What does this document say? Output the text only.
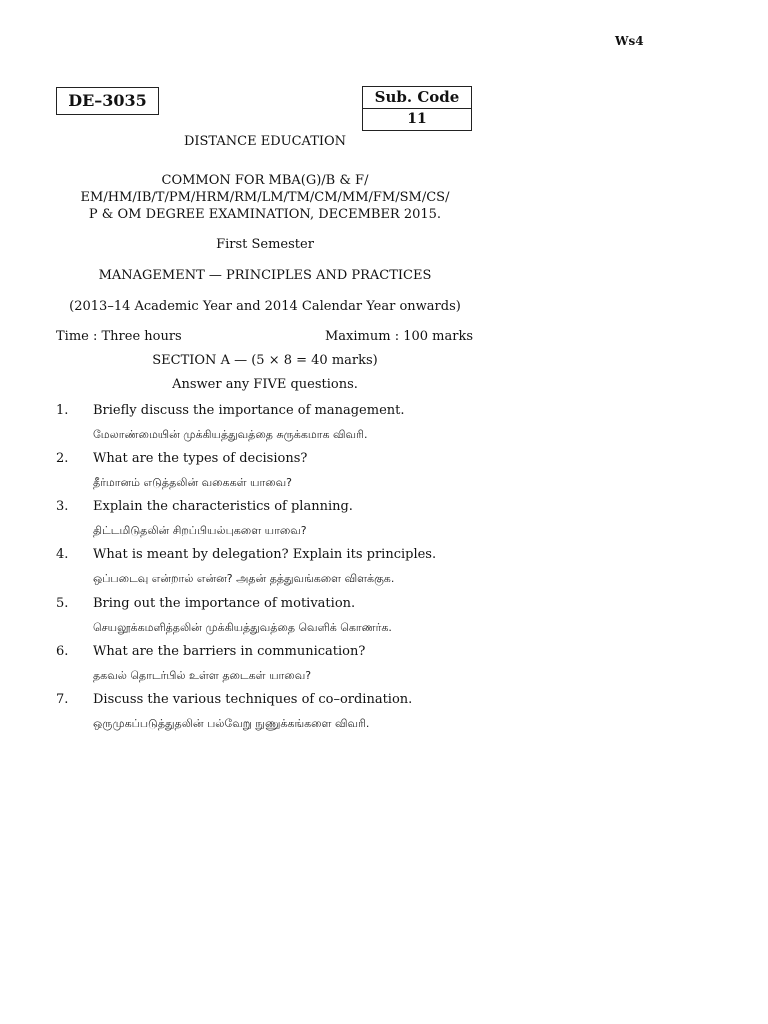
Ws4
DE–3035	Sub. Code
11
DISTANCE EDUCATION
COMMON FOR MBA(G)/B & F/
EM/HM/IB/T/PM/HRM/RM/LM/TM/CM/MM/FM/SM/CS/
P & OM DEGREE EXAMINATION, DECEMBER 2015.
First Semester
MANAGEMENT — PRINCIPLES AND PRACTICES
(2013–14 Academic Year and 2014 Calendar Year onwards)
Time : Three hours	Maximum : 100 marks
SECTION A — (5 × 8 = 40 marks)
Answer any FIVE questions.
1. Briefly discuss the importance of management.
மேலாண்மையின் முக்கியத்துவத்தை சுருக்கமாக விவரி.
2. What are the types of decisions?
தீர்மானம் எடுத்தலின் வகைகள் யாவை?
3. Explain the characteristics of planning.
திட்டமிடுதலின் சிறப்பியல்புகளை யாவை?
4. What is meant by delegation? Explain its principles.
ஒப்படைவு என்றால் என்ன? அதன் தத்துவங்களை விளக்குக.
5. Bring out the importance of motivation.
செயலூக்கமளித்தலின் முக்கியத்துவத்தை வெளிக் கொணர்க.
6. What are the barriers in communication?
தகவல் தொடர்பில் உள்ள தடைகள் யாவை?
7. Discuss the various techniques of co–ordination.
ஒருமுகப்படுத்துதலின் பல்வேறு நுணுக்கங்களை விவரி.
